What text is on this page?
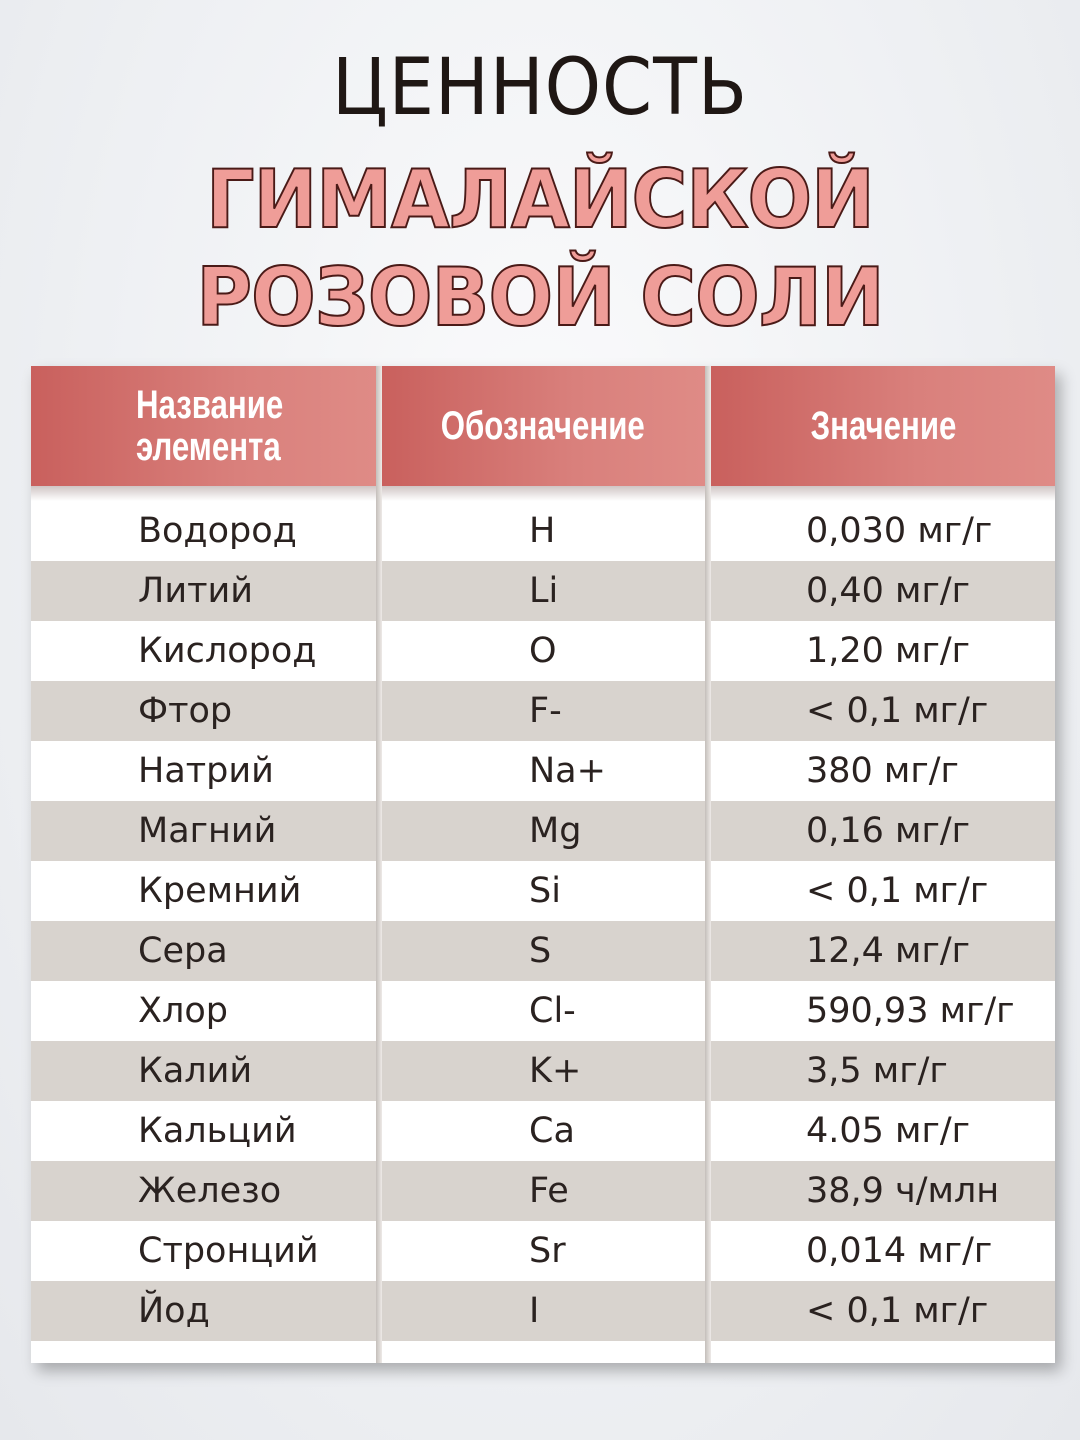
ЦЕННОСТЬ
ГИМАЛАЙСКОЙ
РОЗОВОЙ СОЛИ
Название
элемента	Обозначение	Значение
Водород	H	0,030 мг/г
Литий	Li	0,40 мг/г
Кислород	O	1,20 мг/г
Фтор	F-	< 0,1 мг/г
Натрий	Na+	380 мг/г
Магний	Mg	0,16 мг/г
Кремний	Si	< 0,1 мг/г
Сера	S	12,4 мг/г
Хлор	Cl-	590,93 мг/г
Калий	K+	3,5 мг/г
Кальций	Ca	4.05 мг/г
Железо	Fe	38,9 ч/млн
Стронций	Sr	0,014 мг/г
Йод	I	< 0,1 мг/г
